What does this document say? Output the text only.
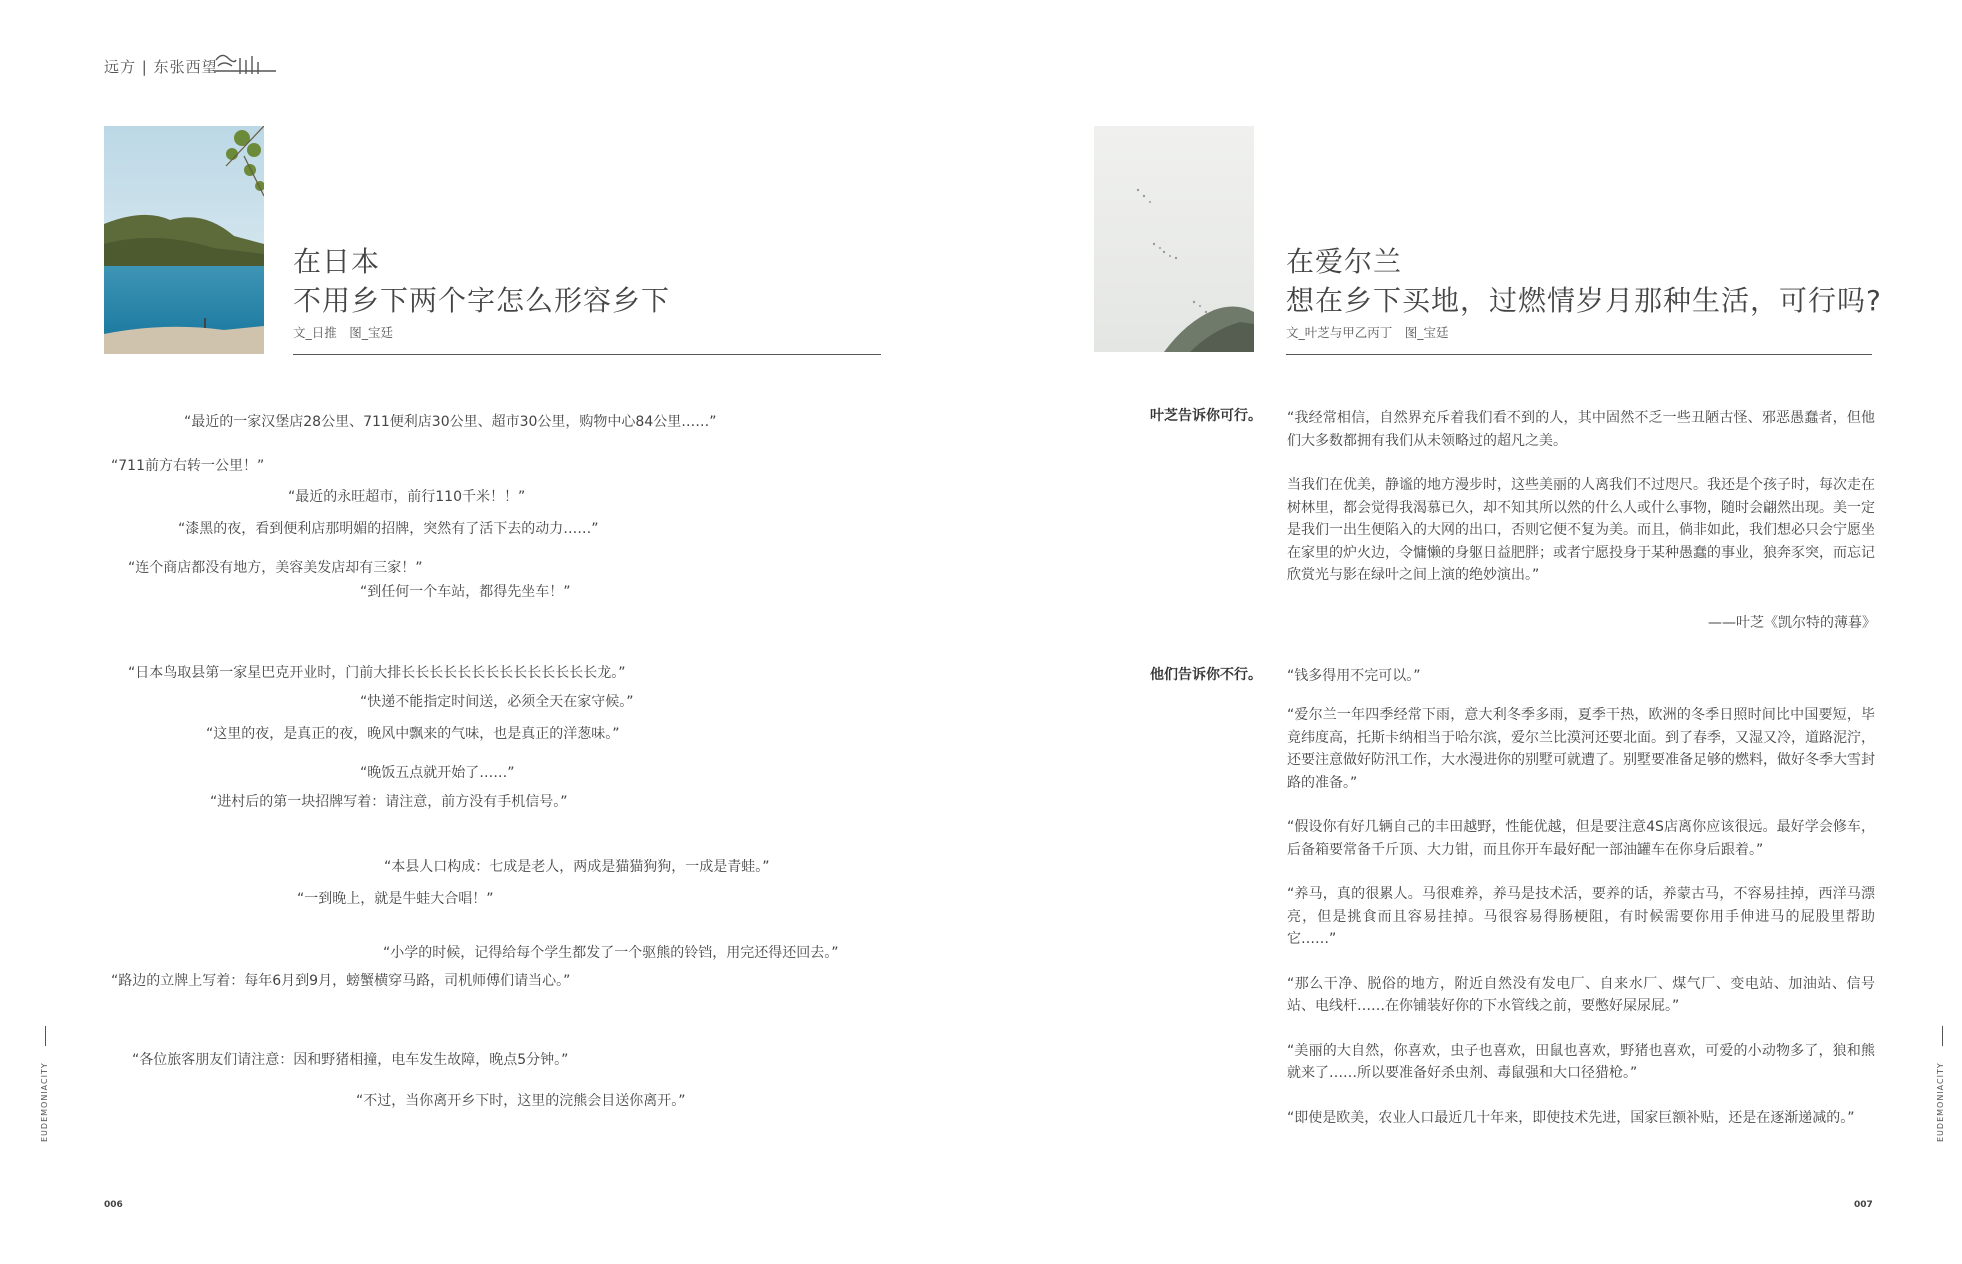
远方 | 东张西望
在日本
不用乡下两个字怎么形容乡下
文_日推　图_宝廷
“最近的一家汉堡店28公里、711便利店30公里、超市30公里，购物中心84公里……”
“711前方右转一公里！”
“最近的永旺超市，前行110千米！！”
“漆黑的夜，看到便利店那明媚的招牌，突然有了活下去的动力……”
“连个商店都没有地方，美容美发店却有三家！”
“到任何一个车站，都得先坐车！”
“日本鸟取县第一家星巴克开业时，门前大排长长长长长长长长长长长长长长龙。”
“快递不能指定时间送，必须全天在家守候。”
“这里的夜，是真正的夜，晚风中飘来的气味，也是真正的洋葱味。”
“晚饭五点就开始了……”
“进村后的第一块招牌写着：请注意，前方没有手机信号。”
“本县人口构成：七成是老人，两成是猫猫狗狗，一成是青蛙。”
“一到晚上，就是牛蛙大合唱！”
“小学的时候，记得给每个学生都发了一个驱熊的铃铛，用完还得还回去。”
“路边的立牌上写着：每年6月到9月，螃蟹横穿马路，司机师傅们请当心。”
“各位旅客朋友们请注意：因和野猪相撞，电车发生故障，晚点5分钟。”
“不过，当你离开乡下时，这里的浣熊会目送你离开。”
EUDEMONIACITY
006
在爱尔兰
想在乡下买地，过燃情岁月那种生活，可行吗?
文_叶芝与甲乙丙丁　图_宝廷
叶芝告诉你可行。 “我经常相信，自然界充斥着我们看不到的人，其中固然不乏一些丑陋古怪、邪恶愚蠢者，但他们大多数都拥有我们从未领略过的超凡之美。

当我们在优美，静谧的地方漫步时，这些美丽的人离我们不过咫尺。我还是个孩子时，每次走在树林里，都会觉得我渴慕已久，却不知其所以然的什么人或什么事物，随时会翩然出现。美一定是我们一出生便陷入的大网的出口，否则它便不复为美。而且，倘非如此，我们想必只会宁愿坐在家里的炉火边，令慵懒的身躯日益肥胖；或者宁愿投身于某种愚蠢的事业，狼奔豕突，而忘记欣赏光与影在绿叶之间上演的绝妙演出。”

——叶芝《凯尔特的薄暮》
他们告诉你不行。 “钱多得用不完可以。”

“爱尔兰一年四季经常下雨，意大利冬季多雨，夏季干热，欧洲的冬季日照时间比中国要短，毕竟纬度高，托斯卡纳相当于哈尔滨，爱尔兰比漠河还要北面。到了春季，又湿又冷，道路泥泞，还要注意做好防汛工作，大水漫进你的别墅可就遭了。别墅要准备足够的燃料，做好冬季大雪封路的准备。”

“假设你有好几辆自己的丰田越野，性能优越，但是要注意4S店离你应该很远。最好学会修车，后备箱要常备千斤顶、大力钳，而且你开车最好配一部油罐车在你身后跟着。”

“养马，真的很累人。马很难养，养马是技术活，要养的话，养蒙古马，不容易挂掉，西洋马漂亮，但是挑食而且容易挂掉。马很容易得肠梗阻，有时候需要你用手伸进马的屁股里帮助它……”

“那么干净、脱俗的地方，附近自然没有发电厂、自来水厂、煤气厂、变电站、加油站、信号站、电线杆……在你铺装好你的下水管线之前，要憋好屎尿屁。”

“美丽的大自然，你喜欢，虫子也喜欢，田鼠也喜欢，野猪也喜欢，可爱的小动物多了，狼和熊就来了……所以要准备好杀虫剂、毒鼠强和大口径猎枪。”

“即使是欧美，农业人口最近几十年来，即使技术先进，国家巨额补贴，还是在逐渐递减的。”	EUDEMONIACITY
007
